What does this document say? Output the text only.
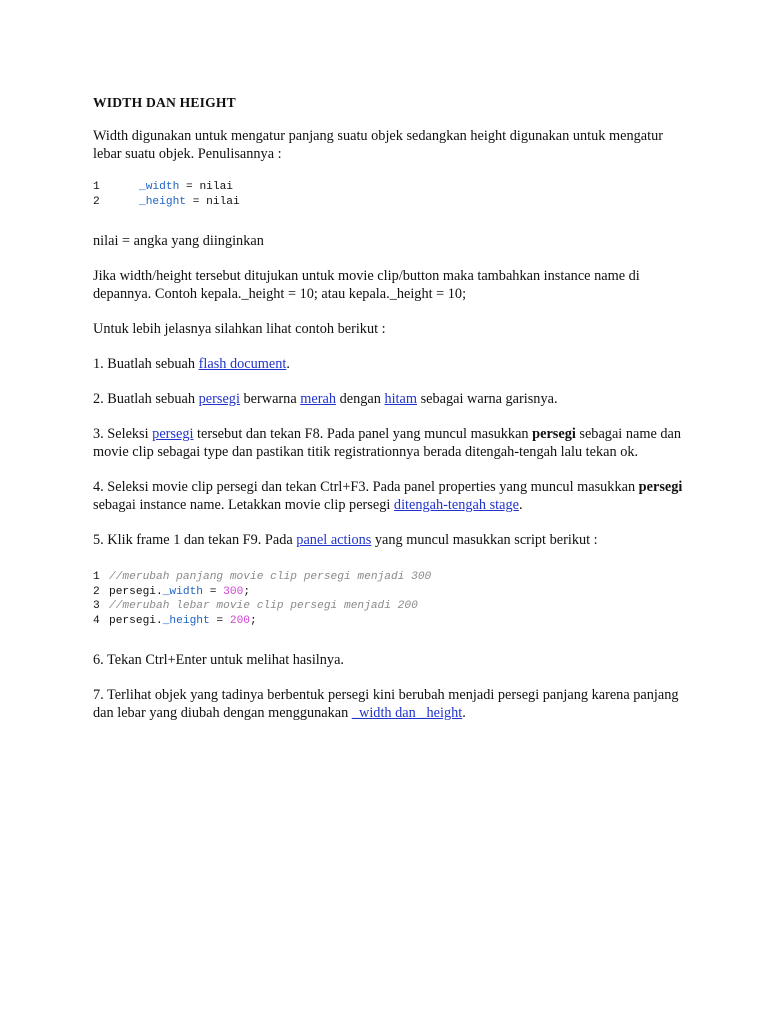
WIDTH DAN HEIGHT

Width digunakan untuk mengatur panjang suatu objek sedangkan height digunakan untuk mengatur lebar suatu objek. Penulisannya :

1	_width = nilai
2	_height = nilai

nilai = angka yang diinginkan

Jika width/height tersebut ditujukan untuk movie clip/button maka tambahkan instance name di depannya. Contoh kepala._height = 10; atau kepala._height = 10;

Untuk lebih jelasnya silahkan lihat contoh berikut :

1. Buatlah sebuah flash document.

2. Buatlah sebuah persegi berwarna merah dengan hitam sebagai warna garisnya.

3. Seleksi persegi tersebut dan tekan F8. Pada panel yang muncul masukkan persegi sebagai name dan movie clip sebagai type dan pastikan titik registrationnya berada ditengah-tengah lalu tekan ok.

4. Seleksi movie clip persegi dan tekan Ctrl+F3. Pada panel properties yang muncul masukkan persegi sebagai instance name. Letakkan movie clip persegi ditengah-tengah stage.

5. Klik frame 1 dan tekan F9. Pada panel actions yang muncul masukkan script berikut :

1 //merubah panjang movie clip persegi menjadi 300
2 persegi._width = 300;
3 //merubah lebar movie clip persegi menjadi 200
4 persegi._height = 200;

6. Tekan Ctrl+Enter untuk melihat hasilnya.

7. Terlihat objek yang tadinya berbentuk persegi kini berubah menjadi persegi panjang karena panjang dan lebar yang diubah dengan menggunakan _width dan _height.
